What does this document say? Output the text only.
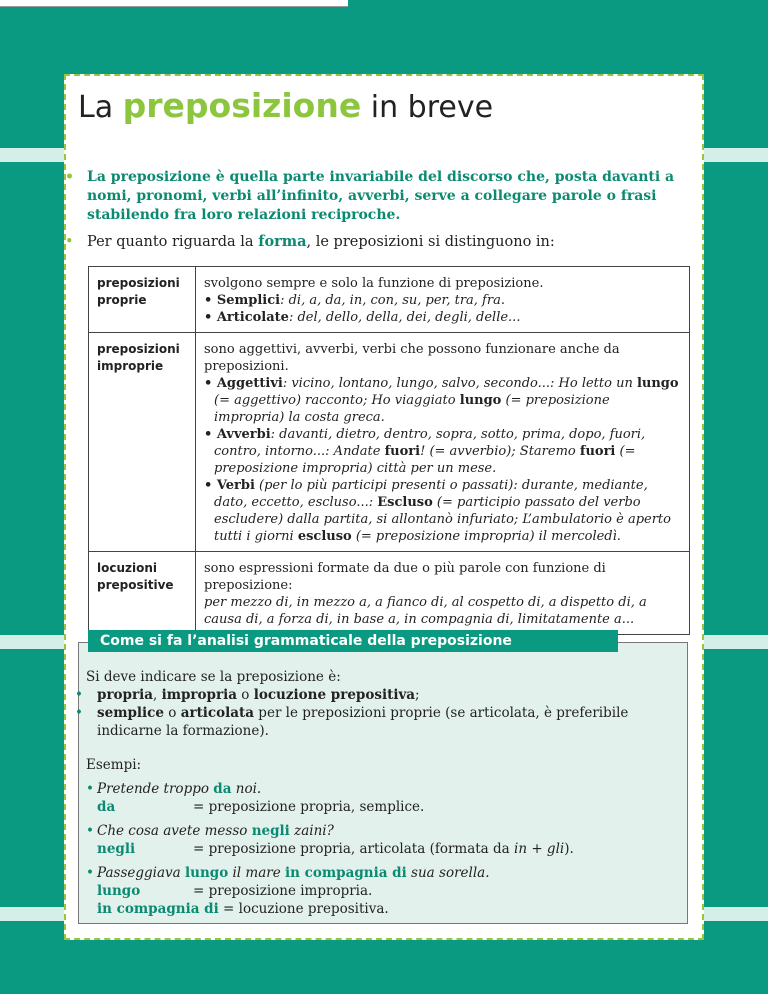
La preposizione in breve
• La preposizione è quella parte invariabile del discorso che, posta davanti a nomi, pronomi, verbi all’infinito, avverbi, serve a collegare parole o frasi stabilendo fra loro relazioni reciproche.
• Per quanto riguarda la forma, le preposizioni si distinguono in:
preposizioni proprie	svolgono sempre e solo la funzione di preposizione.
• Semplici: di, a, da, in, con, su, per, tra, fra.
• Articolate: del, dello, della, dei, degli, delle...

preposizioni improprie	sono aggettivi, avverbi, verbi che possono funzionare anche da preposizioni.
• Aggettivi: vicino, lontano, lungo, salvo, secondo...: Ho letto un lungo (= aggettivo) racconto; Ho viaggiato lungo (= preposizione impropria) la costa greca.
• Avverbi: davanti, dietro, dentro, sopra, sotto, prima, dopo, fuori, contro, intorno...: Andate fuori! (= avverbio); Staremo fuori (= preposizione impropria) città per un mese.
• Verbi (per lo più participi presenti o passati): durante, mediante, dato, eccetto, escluso...: Escluso (= participio passato del verbo escludere) dalla partita, si allontanò infuriato; L’ambulatorio è aperto tutti i giorni escluso (= preposizione impropria) il mercoledì.

locuzioni prepositive	sono espressioni formate da due o più parole con funzione di preposizione:
per mezzo di, in mezzo a, a fianco di, al cospetto di, a dispetto di, a causa di, a forza di, in base a, in compagnia di, limitatamente a...
Come si fa l’analisi grammaticale della preposizione
Si deve indicare se la preposizione è:
• propria, impropria o locuzione prepositiva;
• semplice o articolata per le preposizioni proprie (se articolata, è preferibile indicarne la formazione).
Esempi:
• Pretende troppo da noi.
da	= preposizione propria, semplice.
• Che cosa avete messo negli zaini?
negli	= preposizione propria, articolata (formata da in + gli).
• Passeggiava lungo il mare in compagnia di sua sorella.
lungo	= preposizione impropria.
in compagnia di = locuzione prepositiva.
